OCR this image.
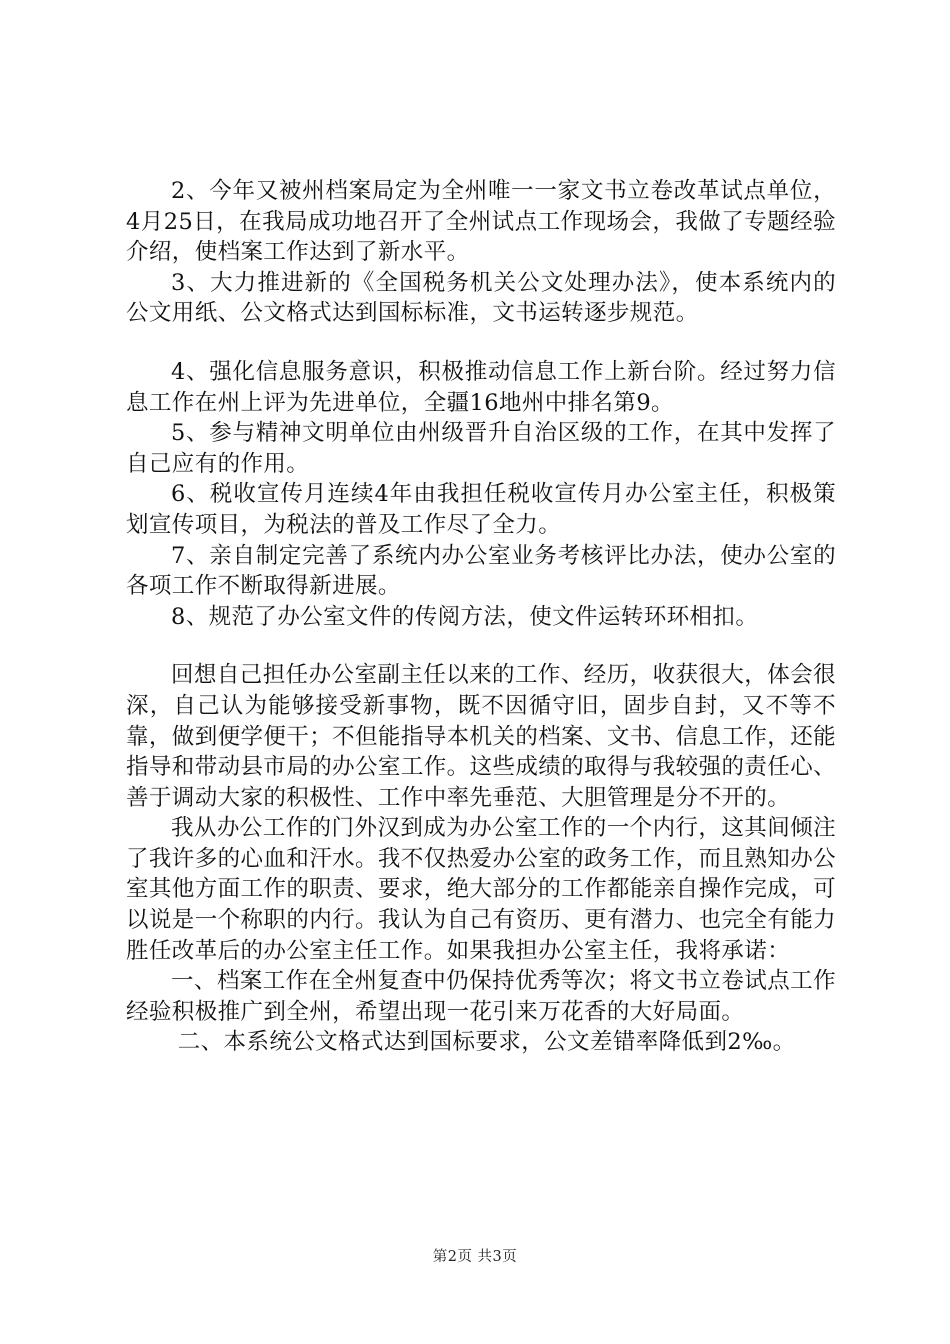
2、今年又被州档案局定为全州唯一一家文书立卷改革试点单位，4月25日，在我局成功地召开了全州试点工作现场会，我做了专题经验介绍，使档案工作达到了新水平。

3、大力推进新的《全国税务机关公文处理办法》，使本系统内的公文用纸、公文格式达到国标标准，文书运转逐步规范。

4、强化信息服务意识，积极推动信息工作上新台阶。经过努力信息工作在州上评为先进单位，全疆16地州中排名第9。

5、参与精神文明单位由州级晋升自治区级的工作，在其中发挥了自己应有的作用。

6、税收宣传月连续4年由我担任税收宣传月办公室主任，积极策划宣传项目，为税法的普及工作尽了全力。

7、亲自制定完善了系统内办公室业务考核评比办法，使办公室的各项工作不断取得新进展。

8、规范了办公室文件的传阅方法，使文件运转环环相扣。

回想自己担任办公室副主任以来的工作、经历，收获很大，体会很深，自己认为能够接受新事物，既不因循守旧，固步自封，又不等不靠，做到便学便干；不但能指导本机关的档案、文书、信息工作，还能指导和带动县市局的办公室工作。这些成绩的取得与我较强的责任心、善于调动大家的积极性、工作中率先垂范、大胆管理是分不开的。

我从办公工作的门外汉到成为办公室工作的一个内行，这其间倾注了我许多的心血和汗水。我不仅热爱办公室的政务工作，而且熟知办公室其他方面工作的职责、要求，绝大部分的工作都能亲自操作完成，可以说是一个称职的内行。我认为自己有资历、更有潜力、也完全有能力胜任改革后的办公室主任工作。如果我担办公室主任，我将承诺：

一、档案工作在全州复查中仍保持优秀等次；将文书立卷试点工作经验积极推广到全州，希望出现一花引来万花香的大好局面。

二、本系统公文格式达到国标要求，公文差错率降低到2‰。

第2页 共3页
